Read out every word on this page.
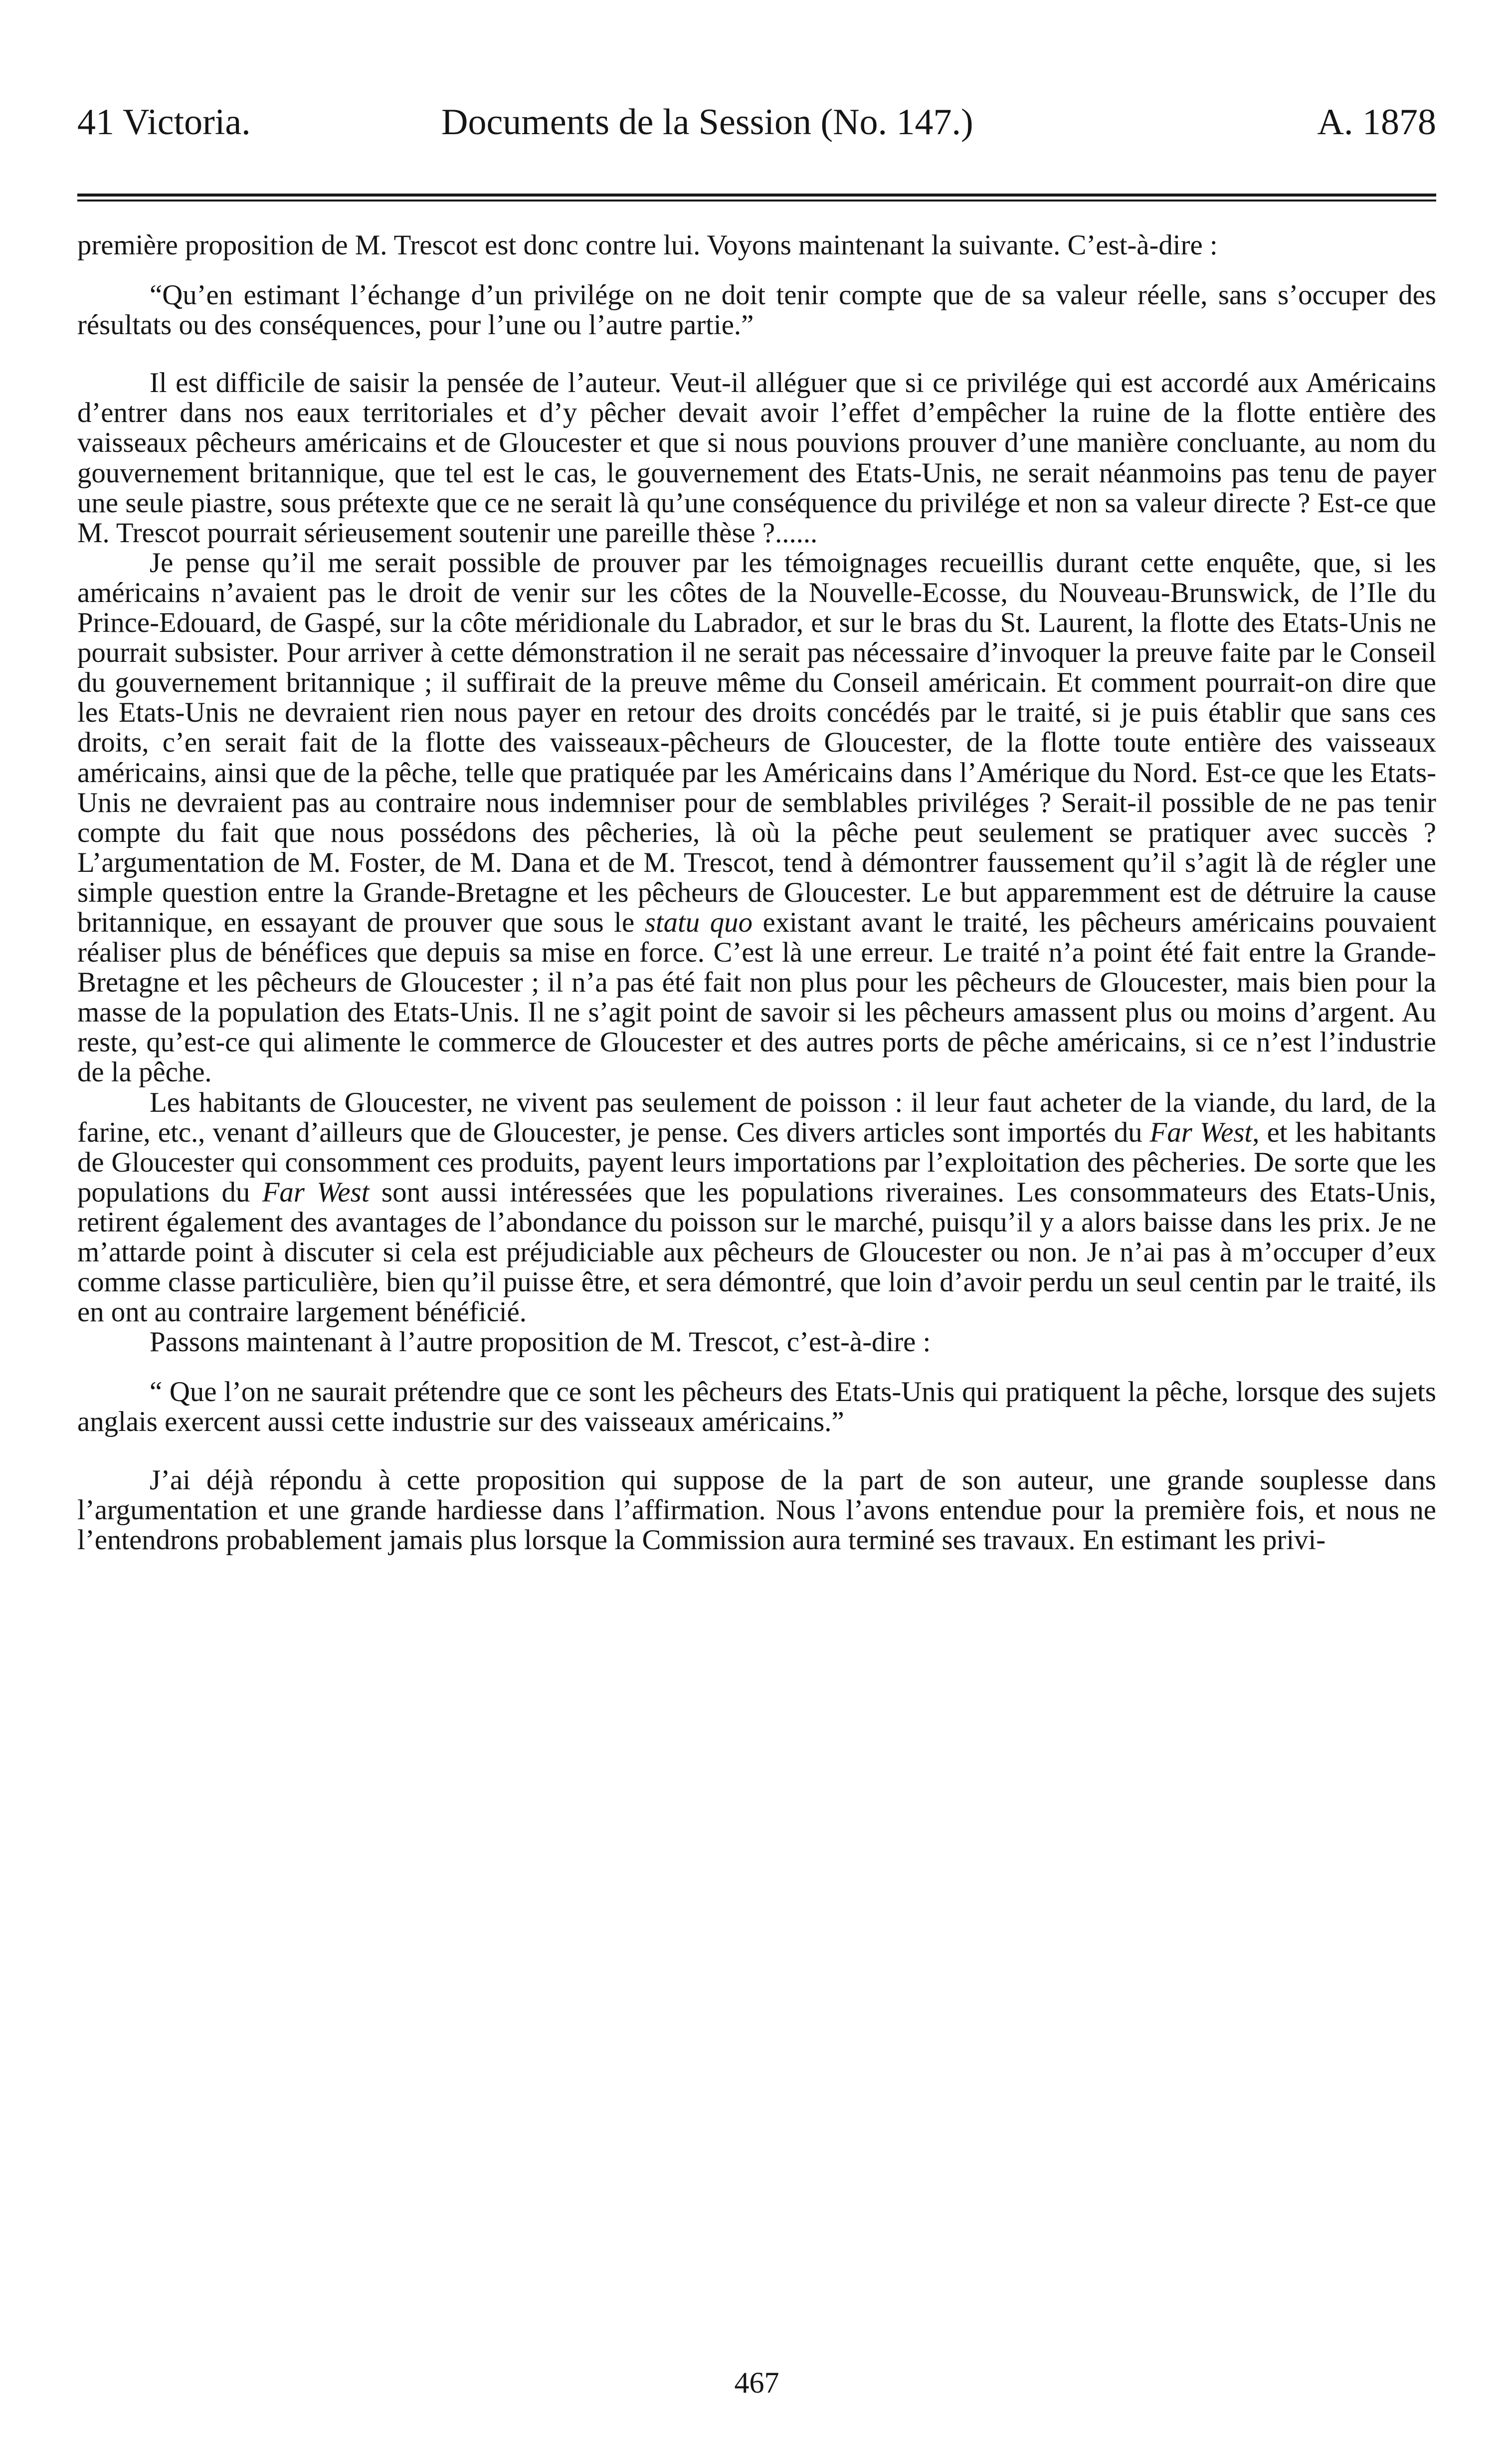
41 Victoria.	Documents de la Session (No. 147.)	A. 1878

première proposition de M. Trescot est donc contre lui. Voyons maintenant la suivante. C’est-à-dire :

“Qu’en estimant l’échange d’un privilége on ne doit tenir compte que de sa valeur réelle, sans s’occuper des résultats ou des conséquences, pour l’une ou l’autre partie.”

Il est difficile de saisir la pensée de l’auteur. Veut-il alléguer que si ce privilége qui est accordé aux Américains d’entrer dans nos eaux territoriales et d’y pêcher devait avoir l’effet d’empêcher la ruine de la flotte entière des vaisseaux pêcheurs américains et de Gloucester et que si nous pouvions prouver d’une manière concluante, au nom du gouvernement britannique, que tel est le cas, le gouvernement des Etats-Unis, ne serait néanmoins pas tenu de payer une seule piastre, sous prétexte que ce ne serait là qu’une conséquence du privilége et non sa valeur directe ? Est-ce que M. Trescot pourrait sérieusement soutenir une pareille thèse ?......

Je pense qu’il me serait possible de prouver par les témoignages recueillis durant cette enquête, que, si les américains n’avaient pas le droit de venir sur les côtes de la Nouvelle-Ecosse, du Nouveau-Brunswick, de l’Ile du Prince-Edouard, de Gaspé, sur la côte méridionale du Labrador, et sur le bras du St. Laurent, la flotte des Etats-Unis ne pourrait subsister. Pour arriver à cette démonstration il ne serait pas nécessaire d’invoquer la preuve faite par le Conseil du gouvernement britannique ; il suffirait de la preuve même du Conseil américain. Et comment pourrait-on dire que les Etats-Unis ne devraient rien nous payer en retour des droits concédés par le traité, si je puis établir que sans ces droits, c’en serait fait de la flotte des vaisseaux-pêcheurs de Gloucester, de la flotte toute entière des vaisseaux américains, ainsi que de la pêche, telle que pratiquée par les Américains dans l’Amérique du Nord. Est-ce que les Etats-Unis ne devraient pas au contraire nous indemniser pour de semblables priviléges ? Serait-il possible de ne pas tenir compte du fait que nous possédons des pêcheries, là où la pêche peut seulement se pratiquer avec succès ? L’argumentation de M. Foster, de M. Dana et de M. Trescot, tend à démontrer faussement qu’il s’agit là de régler une simple question entre la Grande-Bretagne et les pêcheurs de Gloucester. Le but apparemment est de détruire la cause britannique, en essayant de prouver que sous le statu quo existant avant le traité, les pêcheurs américains pouvaient réaliser plus de bénéfices que depuis sa mise en force. C’est là une erreur. Le traité n’a point été fait entre la Grande-Bretagne et les pêcheurs de Gloucester ; il n’a pas été fait non plus pour les pêcheurs de Gloucester, mais bien pour la masse de la population des Etats-Unis. Il ne s’agit point de savoir si les pêcheurs amassent plus ou moins d’argent. Au reste, qu’est-ce qui alimente le commerce de Gloucester et des autres ports de pêche américains, si ce n’est l’industrie de la pêche.

Les habitants de Gloucester, ne vivent pas seulement de poisson : il leur faut acheter de la viande, du lard, de la farine, etc., venant d’ailleurs que de Gloucester, je pense. Ces divers articles sont importés du Far West, et les habitants de Gloucester qui consomment ces produits, payent leurs importations par l’exploitation des pêcheries. De sorte que les populations du Far West sont aussi intéressées que les populations riveraines. Les consommateurs des Etats-Unis, retirent également des avantages de l’abondance du poisson sur le marché, puisqu’il y a alors baisse dans les prix. Je ne m’attarde point à discuter si cela est préjudiciable aux pêcheurs de Gloucester ou non. Je n’ai pas à m’occuper d’eux comme classe particulière, bien qu’il puisse être, et sera démontré, que loin d’avoir perdu un seul centin par le traité, ils en ont au contraire largement bénéficié.

Passons maintenant à l’autre proposition de M. Trescot, c’est-à-dire :

“ Que l’on ne saurait prétendre que ce sont les pêcheurs des Etats-Unis qui pratiquent la pêche, lorsque des sujets anglais exercent aussi cette industrie sur des vaisseaux américains.”

J’ai déjà répondu à cette proposition qui suppose de la part de son auteur, une grande souplesse dans l’argumentation et une grande hardiesse dans l’affirmation. Nous l’avons entendue pour la première fois, et nous ne l’entendrons probablement jamais plus lorsque la Commission aura terminé ses travaux. En estimant les privi-

467
